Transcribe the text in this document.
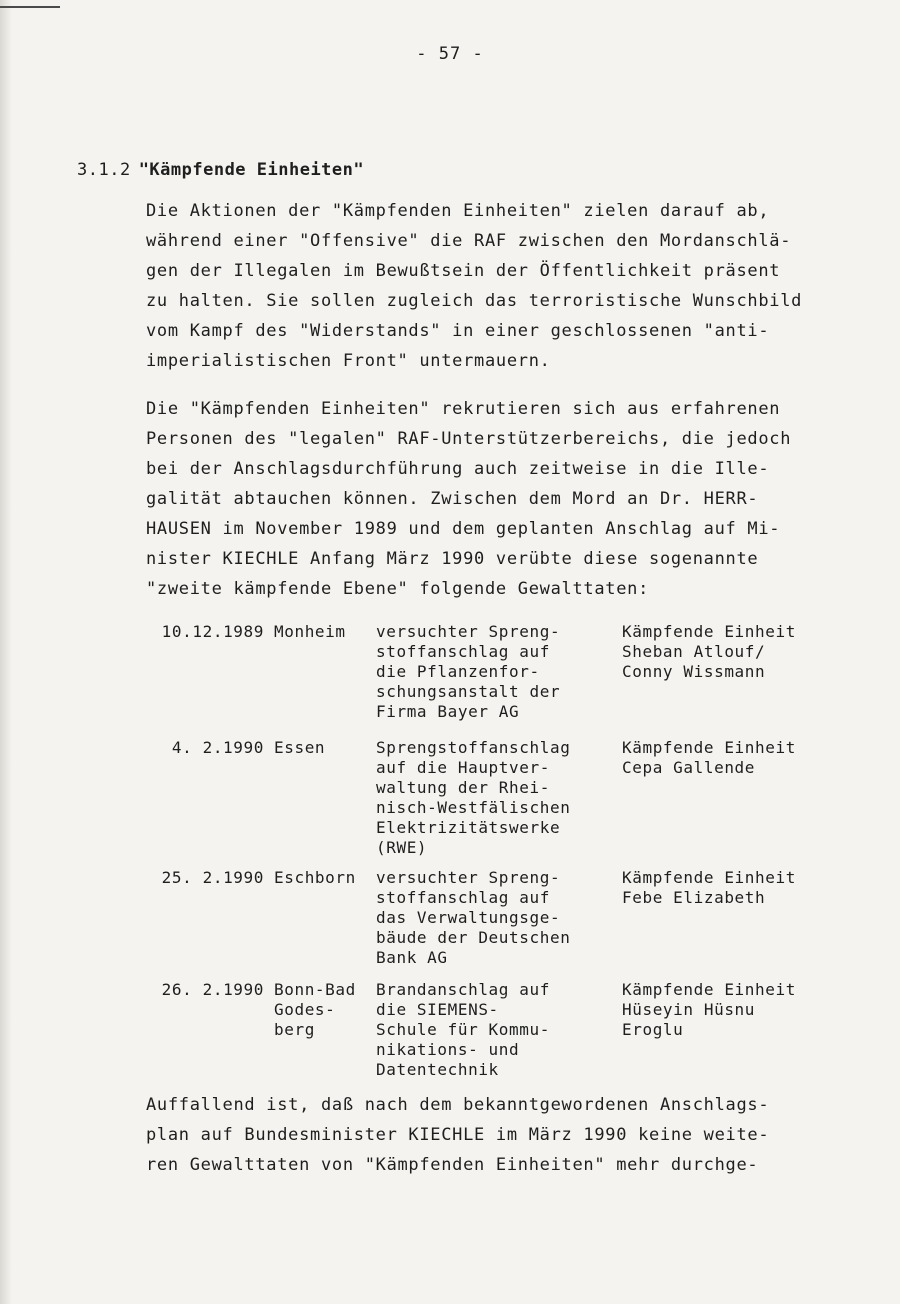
- 57 -
3.1.2 "Kämpfende Einheiten"

Die Aktionen der "Kämpfenden Einheiten" zielen darauf ab,
während einer "Offensive" die RAF zwischen den Mordanschlä-
gen der Illegalen im Bewußtsein der Öffentlichkeit präsent
zu halten. Sie sollen zugleich das terroristische Wunschbild
vom Kampf des "Widerstands" in einer geschlossenen "anti-
imperialistischen Front" untermauern.

Die "Kämpfenden Einheiten" rekrutieren sich aus erfahrenen
Personen des "legalen" RAF-Unterstützerbereichs, die jedoch
bei der Anschlagsdurchführung auch zeitweise in die Ille-
galität abtauchen können. Zwischen dem Mord an Dr. HERR-
HAUSEN im November 1989 und dem geplanten Anschlag auf Mi-
nister KIECHLE Anfang März 1990 verübte diese sogenannte
"zweite kämpfende Ebene" folgende Gewalttaten:

10.12.1989 Monheim versuchter Spreng-
stoffanschlag auf
die Pflanzenfor-
schungsanstalt der
Firma Bayer AG
Kämpfende Einheit
Sheban Atlouf/
Conny Wissmann
4. 2.1990 Essen	Sprengstoffanschlag
auf die Hauptver-
waltung der Rhei-
nisch-Westfälischen
Elektrizitätswerke
(RWE)
Kämpfende Einheit
Cepa Gallende
25. 2.1990 Eschborn versuchter Spreng-
stoffanschlag auf
das Verwaltungsge-
bäude der Deutschen
Bank AG
Kämpfende Einheit
Febe Elizabeth
26. 2.1990 Bonn-Bad
Godes-
berg
Brandanschlag auf
die SIEMENS-
Schule für Kommu-
nikations- und
Datentechnik
Kämpfende Einheit
Hüseyin Hüsnu
Eroglu

Auffallend ist, daß nach dem bekanntgewordenen Anschlags-
plan auf Bundesminister KIECHLE im März 1990 keine weite-
ren Gewalttaten von "Kämpfenden Einheiten" mehr durchge-
